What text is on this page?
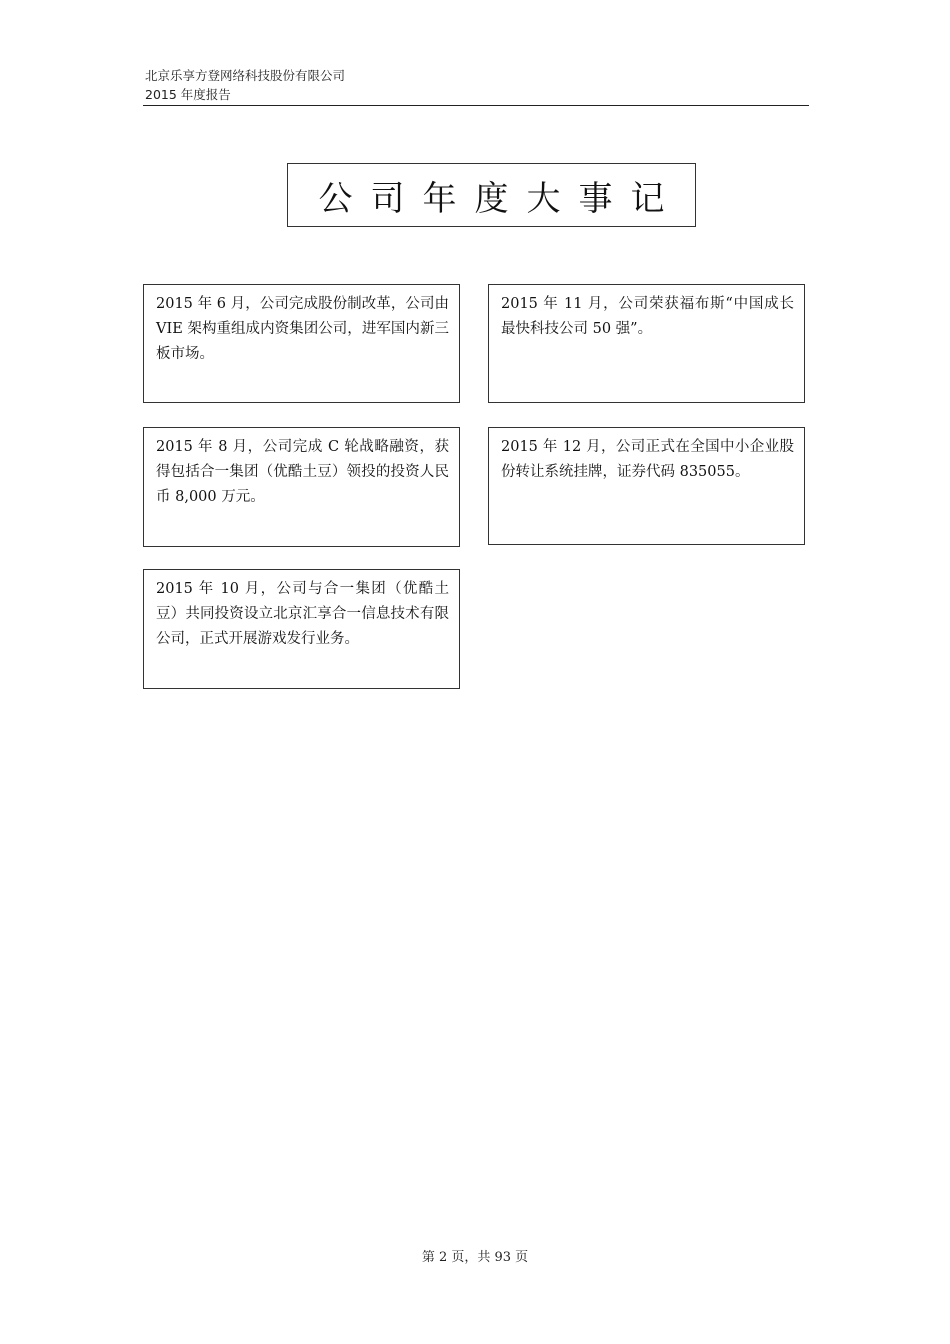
北京乐享方登网络科技股份有限公司
2015 年度报告
公司年度大事记
2015 年 6 月，公司完成股份制改革，公司由 VIE 架构重组成内资集团公司，进军国内新三板市场。
2015 年 11 月，公司荣获福布斯“中国成长最快科技公司 50 强”。
2015 年 8 月，公司完成 C 轮战略融资，获得包括合一集团（优酷土豆）领投的投资人民币 8,000 万元。
2015 年 12 月，公司正式在全国中小企业股份转让系统挂牌，证券代码 835055。
2015 年 10 月，公司与合一集团（优酷土豆）共同投资设立北京汇享合一信息技术有限公司，正式开展游戏发行业务。
第 2 页，共 93 页
